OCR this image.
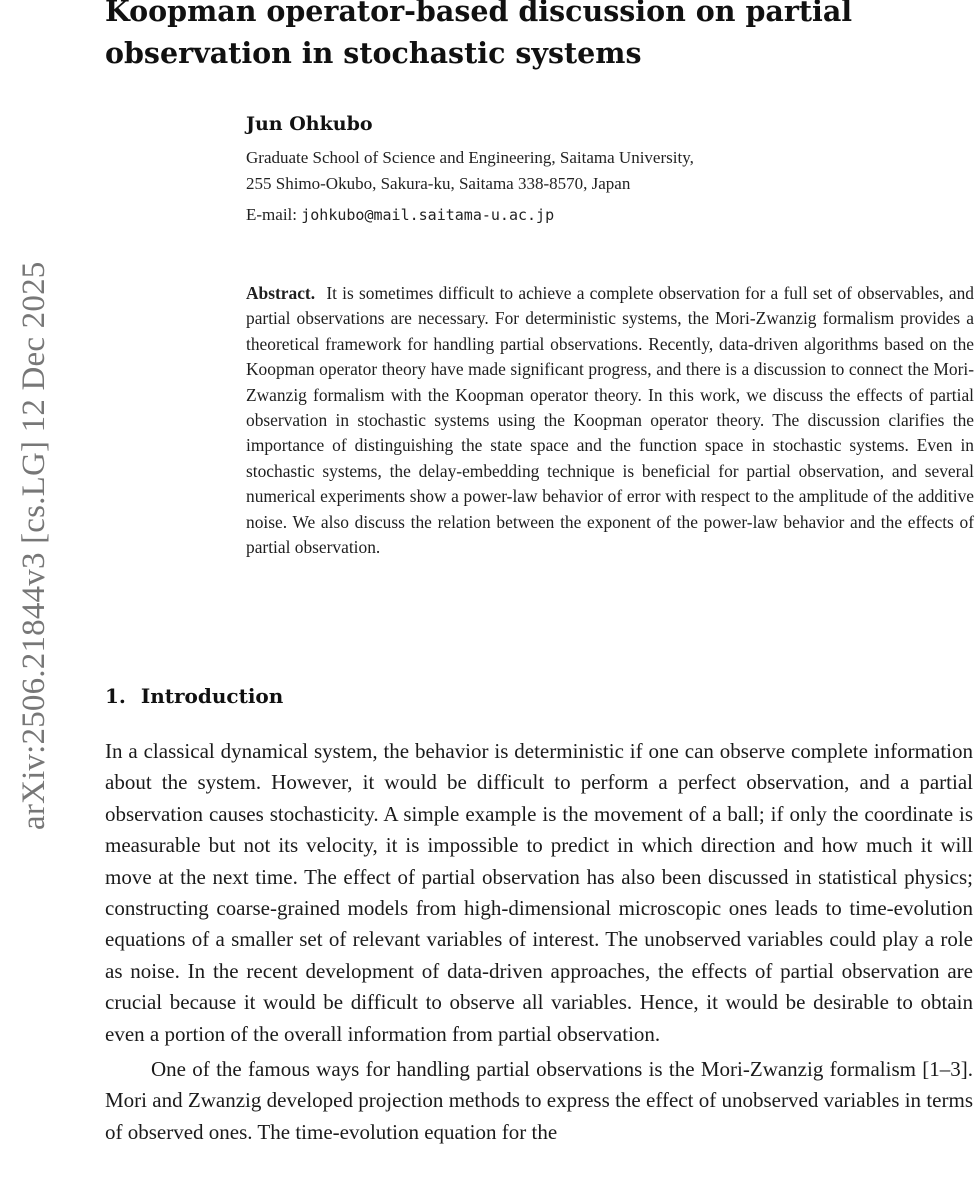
arXiv:2506.21844v3 [cs.LG] 12 Dec 2025
Koopman operator-based discussion on partial observation in stochastic systems
Jun Ohkubo
Graduate School of Science and Engineering, Saitama University,
255 Shimo-Okubo, Sakura-ku, Saitama 338-8570, Japan
E-mail: johkubo@mail.saitama-u.ac.jp
Abstract. It is sometimes difficult to achieve a complete observation for a full set of observables, and partial observations are necessary. For deterministic systems, the Mori-Zwanzig formalism provides a theoretical framework for handling partial observations. Recently, data-driven algorithms based on the Koopman operator theory have made significant progress, and there is a discussion to connect the Mori-Zwanzig formalism with the Koopman operator theory. In this work, we discuss the effects of partial observation in stochastic systems using the Koopman operator theory. The discussion clarifies the importance of distinguishing the state space and the function space in stochastic systems. Even in stochastic systems, the delay-embedding technique is beneficial for partial observation, and several numerical experiments show a power-law behavior of error with respect to the amplitude of the additive noise. We also discuss the relation between the exponent of the power-law behavior and the effects of partial observation.
1. Introduction

In a classical dynamical system, the behavior is deterministic if one can observe complete information about the system. However, it would be difficult to perform a perfect observation, and a partial observation causes stochasticity. A simple example is the movement of a ball; if only the coordinate is measurable but not its velocity, it is impossible to predict in which direction and how much it will move at the next time. The effect of partial observation has also been discussed in statistical physics; constructing coarse-grained models from high-dimensional microscopic ones leads to time-evolution equations of a smaller set of relevant variables of interest. The unobserved variables could play a role as noise. In the recent development of data-driven approaches, the effects of partial observation are crucial because it would be difficult to observe all variables. Hence, it would be desirable to obtain even a portion of the overall information from partial observation.

One of the famous ways for handling partial observations is the Mori-Zwanzig formalism [1–3]. Mori and Zwanzig developed projection methods to express the effect of unobserved variables in terms of observed ones. The time-evolution equation for the
